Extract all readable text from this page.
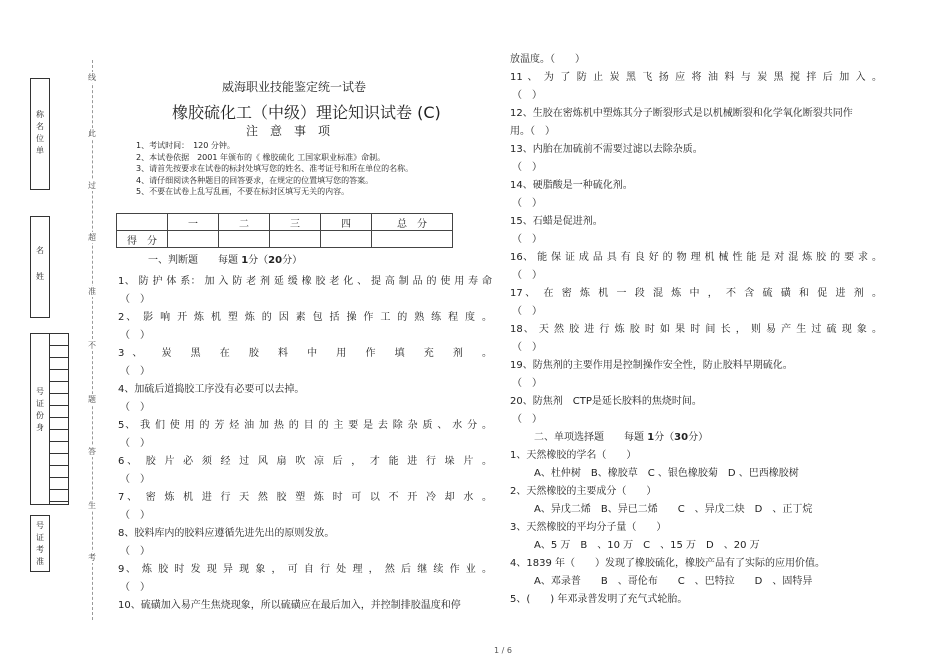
称
名
位
单
名
姓
号
证
份
身
号
证
考
准
线
此
过
超
准
不
题
答
生
考
威海职业技能鉴定统一试卷
橡胶硫化工（中级）理论知识试卷 (C)
注　意　事　项
1、考试时间：　120 分钟。
2、本试卷依据　2001 年颁布的《 橡胶硫化 工国家职业标准》命制。
3、请首先按要求在试卷的标封处填写您的姓名、准考证号和所在单位的名称。
4、请仔细阅读各种题目的回答要求，在规定的位置填写您的答案。
5、不要在试卷上乱写乱画，不要在标封区填写无关的内容。
	一	二	三	四	总　分
得　分					
一、判断题　　每题 1分（20分）
1、 防 护 体 系： 加 入 防 老 剂 延 缓 橡 胶 老 化 、 提 高 制 品 的 使 用 寿 命
（　）
2、 影 响 开 炼 机 塑 炼 的 因 素 包 括 操 作 工 的 熟 练 程 度 。
（　）
3、 炭 黑 在 胶 料 中 用 作 填 充 剂 。
（　）
4、加硫后道捣胶工序没有必要可以去掉。
（　）
5、 我 们 使 用 的 芳 烃 油 加 热 的 目 的 主 要 是 去 除 杂 质 、 水 分 。
（　）
6、 胶 片 必 须 经 过 风 扇 吹 凉 后 ， 才 能 进 行 垛 片 。
（　）
7、 密 炼 机 进 行 天 然 胶 塑 炼 时 可 以 不 开 冷 却 水 。
（　）
8、胶料库内的胶料应遵循先进先出的原则发放。
（　）
9、 炼 胶 时 发 现 异 现 象 ， 可 自 行 处 理 ， 然 后 继 续 作 业 。
（　）
10、硫磺加入易产生焦烧现象，所以硫磺应在最后加入，并控制排胶温度和停
放温度。（　　）
11 、 为 了 防 止 炭 黑 飞 扬 应 将 油 料 与 炭 黑 搅 拌 后 加 入 。
（　）
12、生胶在密炼机中塑炼其分子断裂形式是以机械断裂和化学氧化断裂共同作
用。（　）
13、内胎在加硫前不需要过滤以去除杂质。
（　）
14、硬脂酸是一种硫化剂。
（　）
15、石蜡是促进剂。
（　）
16、 能 保 证 成 品 具 有 良 好 的 物 理 机 械 性 能 是 对 混 炼 胶 的 要 求 。
（　）
17、 在 密 炼 机 一 段 混 炼 中 ， 不 含 硫 磺 和 促 进 剂 。
（　）
18、 天 然 胶 进 行 炼 胶 时 如 果 时 间 长 ， 则 易 产 生 过 硫 现 象 。
（　）
19、防焦剂的主要作用是控制操作安全性，防止胶料早期硫化。
（　）
20、防焦剂　CTP是延长胶料的焦烧时间。
（　）
二、单项选择题　　每题 1分（30分）
1、天然橡胶的学名（　　）
A、杜仲树　B、橡胶草　C 、银色橡胶菊　D 、巴西橡胶树
2、天然橡胶的主要成分（　　）
A、异戊二烯　B、异已二烯　　C　、异戊二炔　D　、正丁烷
3、天然橡胶的平均分子量（　　）
A、5 万　B　、10 万　C　、15 万　D　、20 万
4、1839 年（　　）发现了橡胶硫化，橡胶产品有了实际的应用价值。
A、邓录普　　B　、哥伦布　　C　、巴特拉　　D　、固特异
5、(　　) 年邓录普发明了充气式轮胎。
1 / 6
